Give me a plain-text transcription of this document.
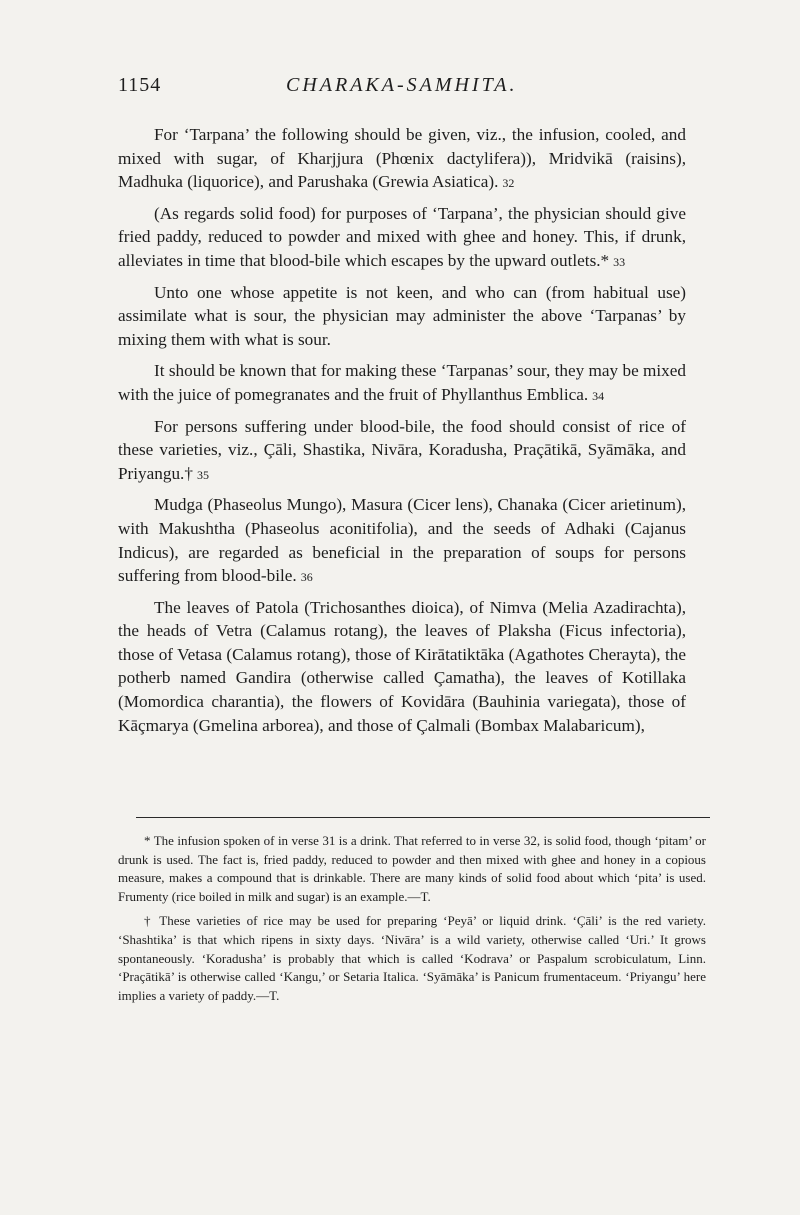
1154	CHARAKA-SAMHITA.

For ‘Tarpana’ the following should be given, viz., the infusion, cooled, and mixed with sugar, of Kharjjura (Phœnix dactylifera)), Mridvikā (raisins), Madhuka (liquorice), and Parushaka (Grewia Asiatica). 32

(As regards solid food) for purposes of ‘Tarpana’, the physician should give fried paddy, reduced to powder and mixed with ghee and honey. This, if drunk, alleviates in time that blood-bile which escapes by the upward outlets.* 33

Unto one whose appetite is not keen, and who can (from habitual use) assimilate what is sour, the physician may administer the above ‘Tarpanas’ by mixing them with what is sour.

It should be known that for making these ‘Tarpanas’ sour, they may be mixed with the juice of pomegranates and the fruit of Phyllanthus Emblica. 34

For persons suffering under blood-bile, the food should consist of rice of these varieties, viz., Çāli, Shastika, Nivāra, Koradusha, Praçātikā, Syāmāka, and Priyangu.† 35

Mudga (Phaseolus Mungo), Masura (Cicer lens), Chanaka (Cicer arietinum), with Makushtha (Phaseolus aconitifolia), and the seeds of Adhaki (Cajanus Indicus), are regarded as beneficial in the preparation of soups for persons suffering from blood-bile. 36

The leaves of Patola (Trichosanthes dioica), of Nimva (Melia Azadirachta), the heads of Vetra (Calamus rotang), the leaves of Plaksha (Ficus infectoria), those of Vetasa (Calamus rotang), those of Kirātatiktāka (Agathotes Cherayta), the potherb named Gandira (otherwise called Çamatha), the leaves of Kotillaka (Momordica charantia), the flowers of Kovidāra (Bauhinia variegata), those of Kāçmarya (Gmelina arborea), and those of Çalmali (Bombax Malabaricum),

* The infusion spoken of in verse 31 is a drink. That referred to in verse 32, is solid food, though ‘pitam’ or drunk is used. The fact is, fried paddy, reduced to powder and then mixed with ghee and honey in a copious measure, makes a compound that is drinkable. There are many kinds of solid food about which ‘pita’ is used. Frumenty (rice boiled in milk and sugar) is an example.—T.

† These varieties of rice may be used for preparing ‘Peyā’ or liquid drink. ‘Çāli’ is the red variety. ‘Shashtika’ is that which ripens in sixty days. ‘Nivāra’ is a wild variety, otherwise called ‘Uri.’ It grows spontaneously. ‘Koradusha’ is probably that which is called ‘Kodrava’ or Paspalum scrobiculatum, Linn. ‘Praçātikā’ is otherwise called ‘Kangu,’ or Setaria Italica. ‘Syāmāka’ is Panicum frumentaceum. ‘Priyangu’ here implies a variety of paddy.—T.
